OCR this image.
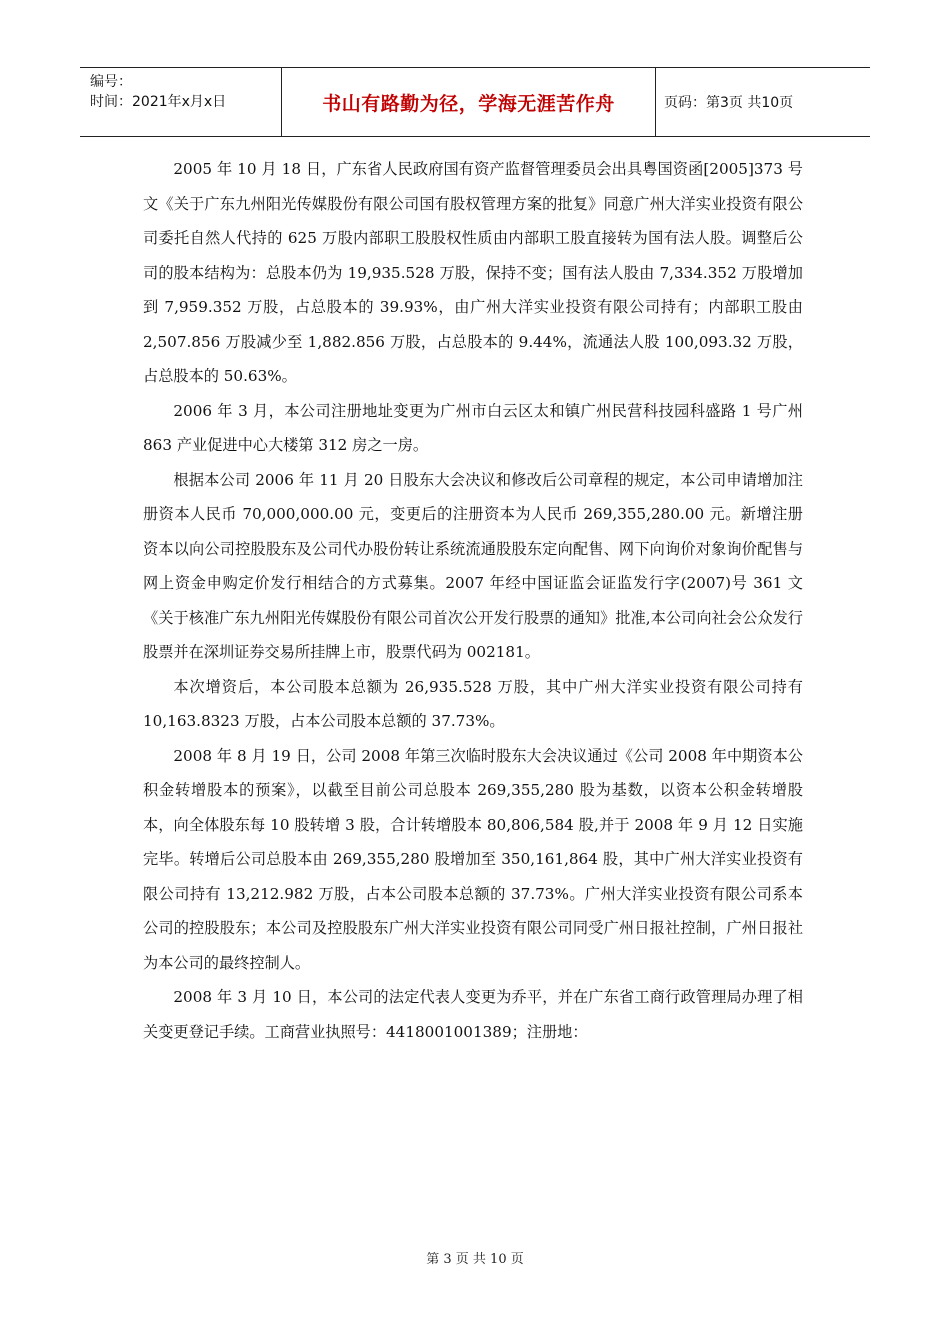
编号：
时间：2021年x月x日	书山有路勤为径，学海无涯苦作舟	页码：第3页 共10页

2005 年 10 月 18 日，广东省人民政府国有资产监督管理委员会出具粤国资函[2005]373 号文《关于广东九州阳光传媒股份有限公司国有股权管理方案的批复》同意广州大洋实业投资有限公司委托自然人代持的 625 万股内部职工股股权性质由内部职工股直接转为国有法人股。调整后公司的股本结构为：总股本仍为 19,935.528 万股，保持不变；国有法人股由 7,334.352 万股增加到 7,959.352 万股，占总股本的 39.93%，由广州大洋实业投资有限公司持有；内部职工股由 2,507.856 万股减少至 1,882.856 万股，占总股本的 9.44%，流通法人股 100,093.32 万股，占总股本的 50.63%。

2006 年 3 月，本公司注册地址变更为广州市白云区太和镇广州民营科技园科盛路 1 号广州 863 产业促进中心大楼第 312 房之一房。

根据本公司 2006 年 11 月 20 日股东大会决议和修改后公司章程的规定，本公司申请增加注册资本人民币 70,000,000.00 元，变更后的注册资本为人民币 269,355,280.00 元。新增注册资本以向公司控股股东及公司代办股份转让系统流通股股东定向配售、网下向询价对象询价配售与网上资金申购定价发行相结合的方式募集。2007 年经中国证监会证监发行字(2007)号 361 文《关于核准广东九州阳光传媒股份有限公司首次公开发行股票的通知》批准,本公司向社会公众发行股票并在深圳证券交易所挂牌上市，股票代码为 002181。

本次增资后，本公司股本总额为 26,935.528 万股，其中广州大洋实业投资有限公司持有 10,163.8323 万股，占本公司股本总额的 37.73%。

2008 年 8 月 19 日，公司 2008 年第三次临时股东大会决议通过《公司 2008 年中期资本公积金转增股本的预案》，以截至目前公司总股本 269,355,280 股为基数，以资本公积金转增股本，向全体股东每 10 股转增 3 股，合计转增股本 80,806,584 股,并于 2008 年 9 月 12 日实施完毕。转增后公司总股本由 269,355,280 股增加至 350,161,864 股，其中广州大洋实业投资有限公司持有 13,212.982 万股，占本公司股本总额的 37.73%。广州大洋实业投资有限公司系本公司的控股股东；本公司及控股股东广州大洋实业投资有限公司同受广州日报社控制，广州日报社为本公司的最终控制人。

2008 年 3 月 10 日，本公司的法定代表人变更为乔平，并在广东省工商行政管理局办理了相关变更登记手续。工商营业执照号：4418001001389；注册地：

第 3 页 共 10 页
